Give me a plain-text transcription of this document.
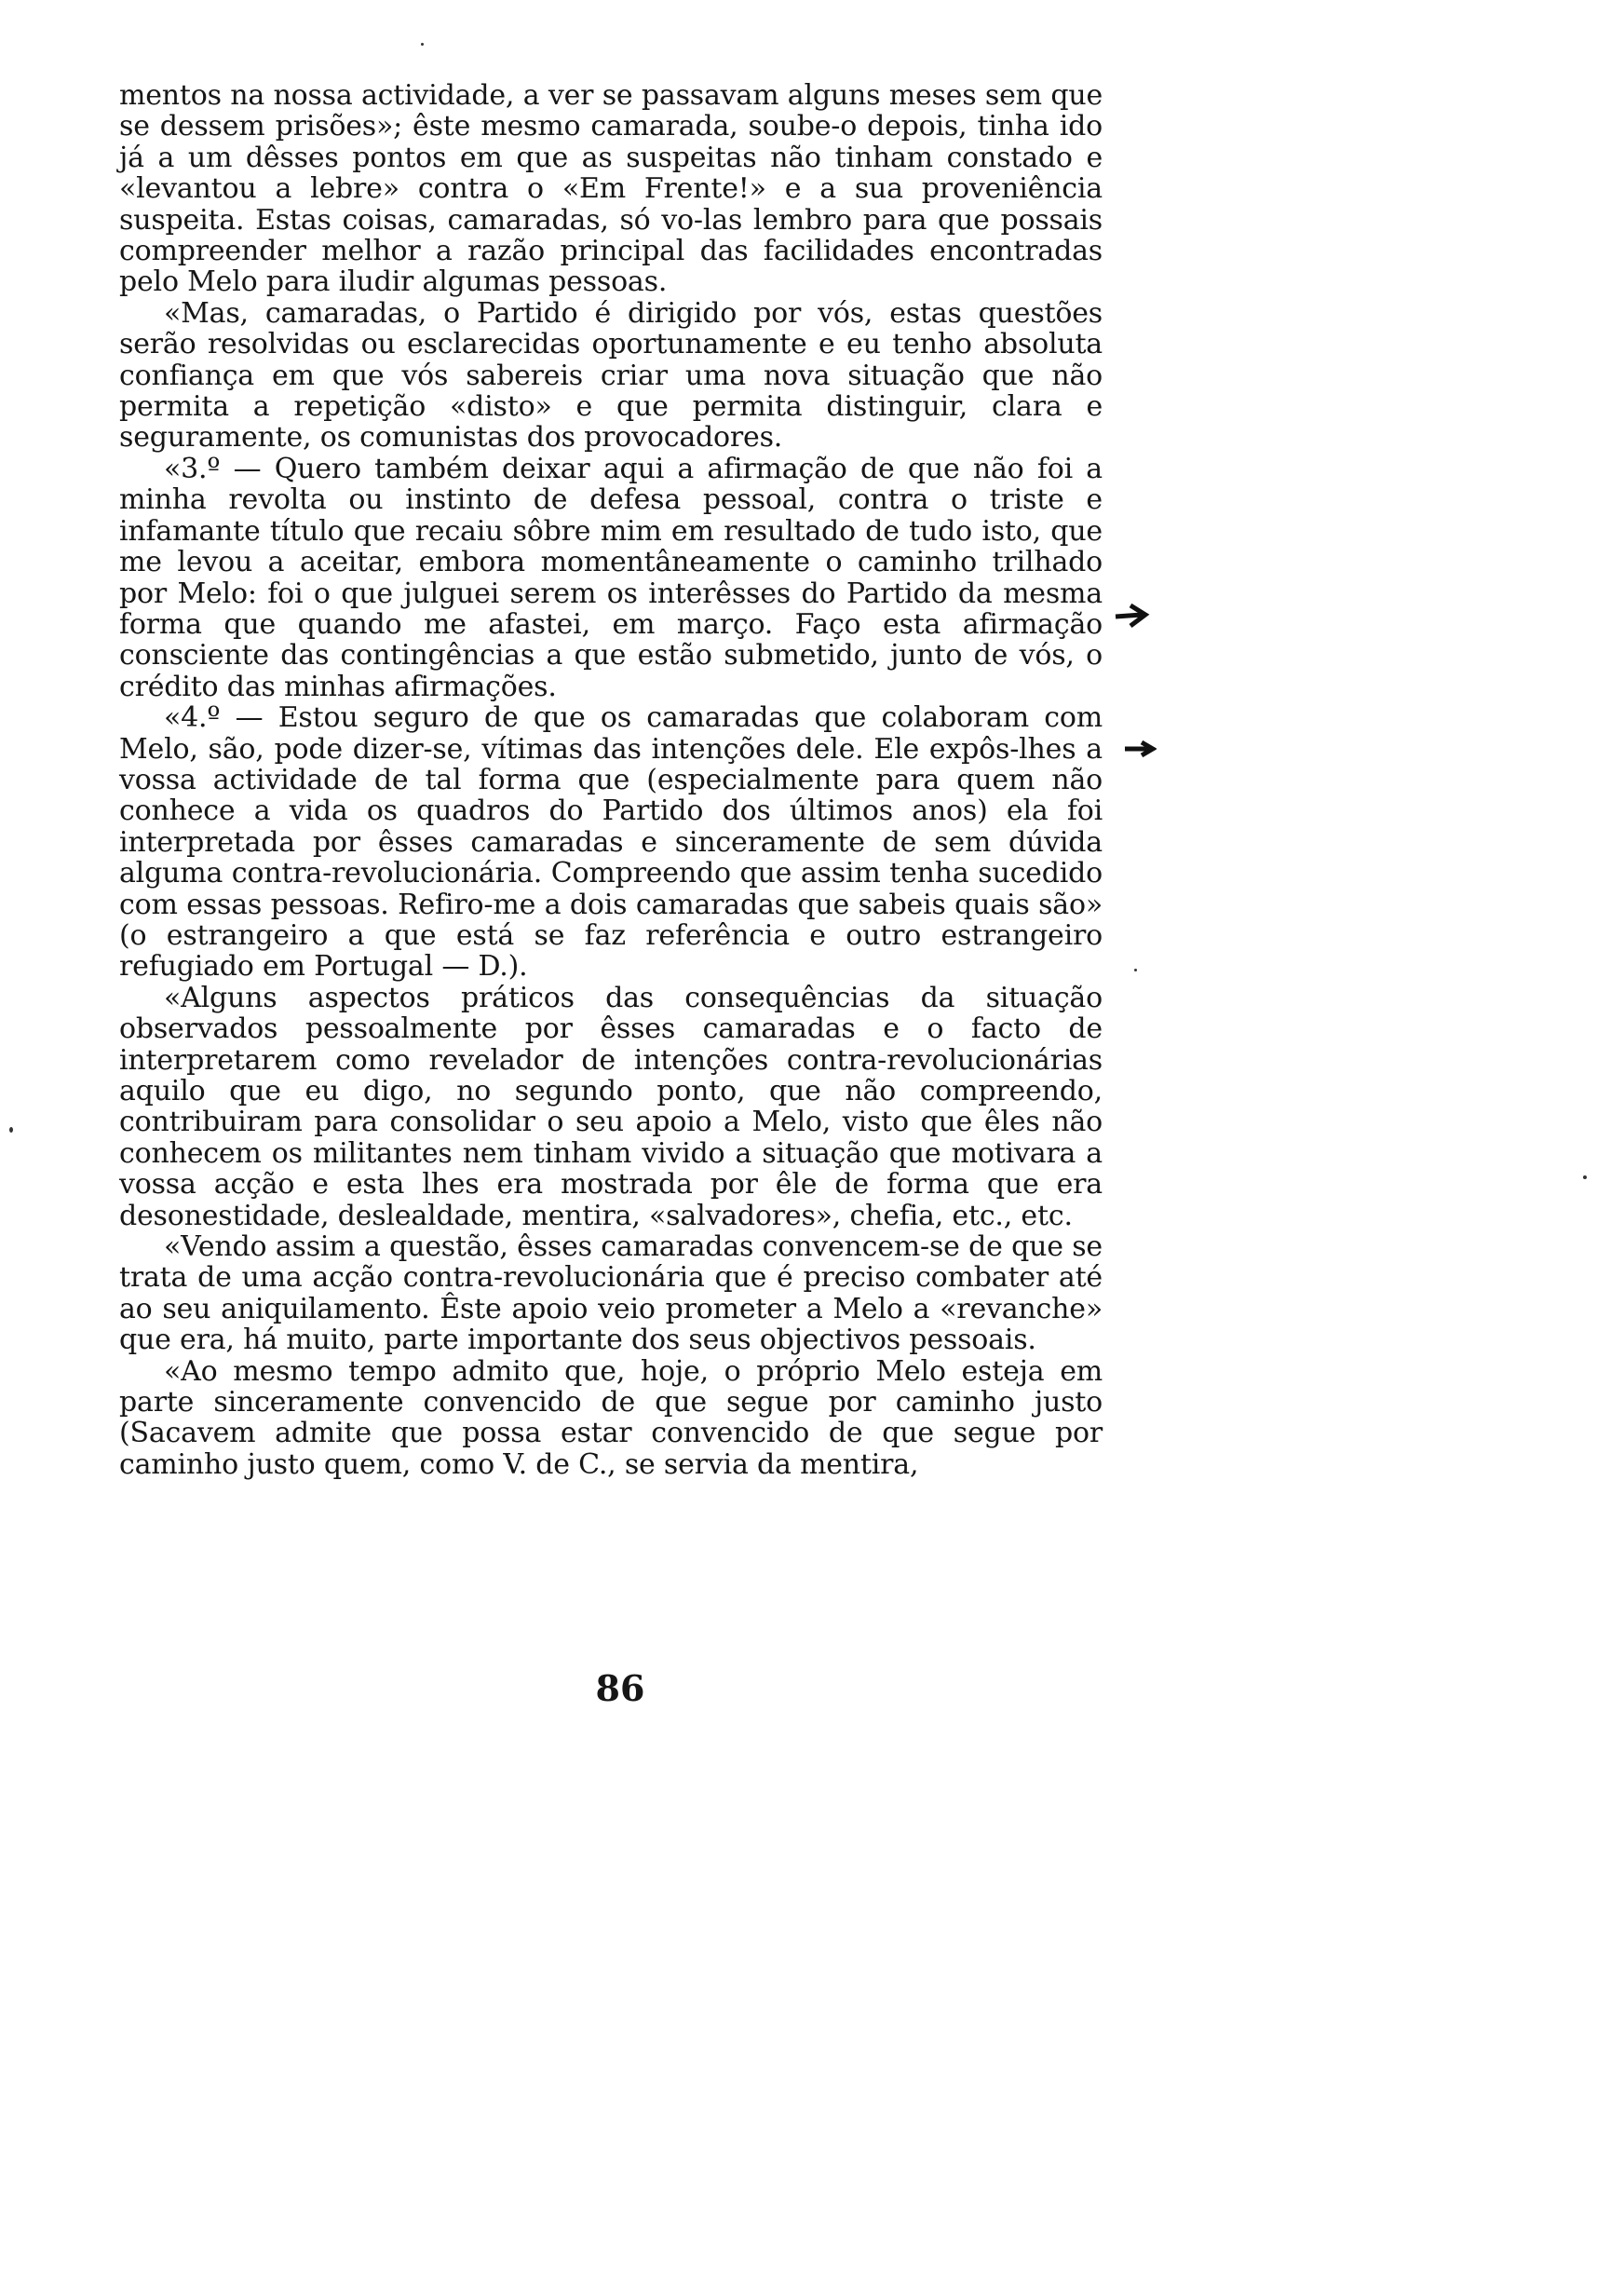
mentos na nossa actividade, a ver se passavam alguns meses sem que se dessem prisões»; êste mesmo camarada, soube-o depois, tinha ido já a um dêsses pontos em que as suspeitas não tinham constado e «levantou a lebre» contra o «Em Frente!» e a sua proveniência suspeita. Estas coisas, camaradas, só vo-las lembro para que possais compreender melhor a razão principal das facilidades encontradas pelo Melo para iludir algumas pessoas.

«Mas, camaradas, o Partido é dirigido por vós, estas questões serão resolvidas ou esclarecidas oportunamente e eu tenho absoluta confiança em que vós sabereis criar uma nova situação que não permita a repetição «disto» e que permita distinguir, clara e seguramente, os comunistas dos provocadores.

«3.º — Quero também deixar aqui a afirmação de que não foi a minha revolta ou instinto de defesa pessoal, contra o triste e infamante título que recaiu sôbre mim em resultado de tudo isto, que me levou a aceitar, embora momentâneamente o caminho trilhado por Melo: foi o que julguei serem os interêsses do Partido da mesma forma que quando me afastei, em março. Faço esta afirmação consciente das contingências a que estão submetido, junto de vós, o crédito das minhas afirmações.

«4.º — Estou seguro de que os camaradas que colaboram com Melo, são, pode dizer-se, vítimas das intenções dele. Ele expôs-lhes a vossa actividade de tal forma que (especialmente para quem não conhece a vida os quadros do Partido dos últimos anos) ela foi interpretada por êsses camaradas e sinceramente de sem dúvida alguma contra-revolucionária. Compreendo que assim tenha sucedido com essas pessoas. Refiro-me a dois camaradas que sabeis quais são» (o estrangeiro a que está se faz referência e outro estrangeiro refugiado em Portugal — D.).

«Alguns aspectos práticos das consequências da situação observados pessoalmente por êsses camaradas e o facto de interpretarem como revelador de intenções contra-revolucionárias aquilo que eu digo, no segundo ponto, que não compreendo, contribuiram para consolidar o seu apoio a Melo, visto que êles não conhecem os militantes nem tinham vivido a situação que motivara a vossa acção e esta lhes era mostrada por êle de forma que era desonestidade, deslealdade, mentira, «salvadores», chefia, etc., etc.

«Vendo assim a questão, êsses camaradas convencem-se de que se trata de uma acção contra-revolucionária que é preciso combater até ao seu aniquilamento. Êste apoio veio prometer a Melo a «revanche» que era, há muito, parte importante dos seus objectivos pessoais.

«Ao mesmo tempo admito que, hoje, o próprio Melo esteja em parte sinceramente convencido de que segue por caminho justo (Sacavem admite que possa estar convencido de que segue por caminho justo quem, como V. de C., se servia da mentira,

86
